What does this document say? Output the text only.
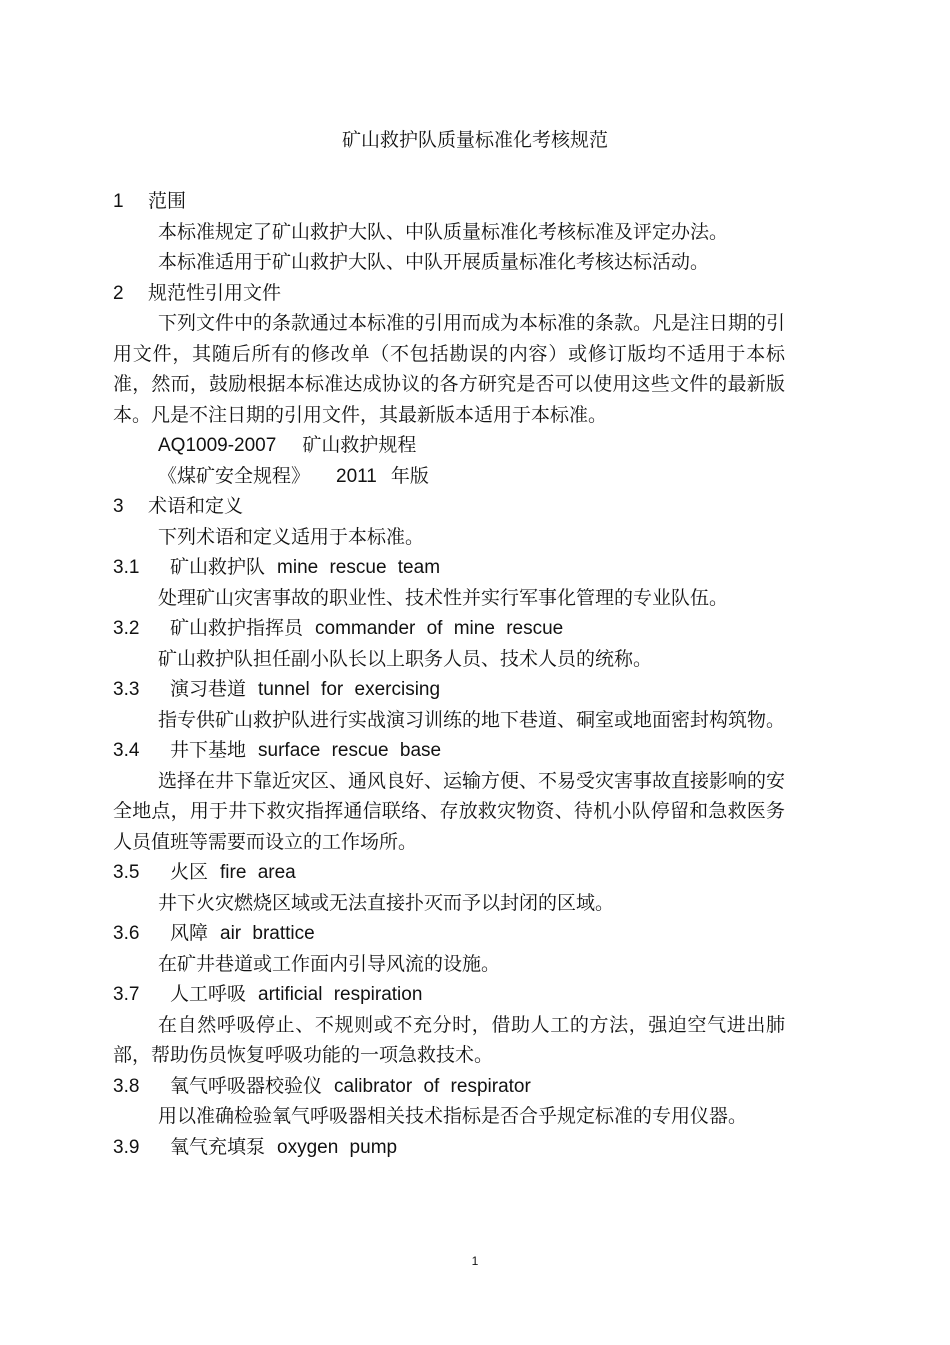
矿山救护队质量标准化考核规范
1 范围
本标准规定了矿山救护大队、中队质量标准化考核标准及评定办法。
本标准适用于矿山救护大队、中队开展质量标准化考核达标活动。
2 规范性引用文件
下列文件中的条款通过本标准的引用而成为本标准的条款。凡是注日期的引用文件，其随后所有的修改单（不包括勘误的内容）或修订版均不适用于本标准，然而，鼓励根据本标准达成协议的各方研究是否可以使用这些文件的最新版本。凡是不注日期的引用文件，其最新版本适用于本标准。
AQ1009-2007 矿山救护规程
《煤矿安全规程》 2011 年版
3 术语和定义
下列术语和定义适用于本标准。
3.1 矿山救护队 mine rescue team
处理矿山灾害事故的职业性、技术性并实行军事化管理的专业队伍。
3.2 矿山救护指挥员 commander of mine rescue
矿山救护队担任副小队长以上职务人员、技术人员的统称。
3.3 演习巷道 tunnel for exercising
指专供矿山救护队进行实战演习训练的地下巷道、硐室或地面密封构筑物。
3.4 井下基地 surface rescue base
选择在井下靠近灾区、通风良好、运输方便、不易受灾害事故直接影响的安全地点，用于井下救灾指挥通信联络、存放救灾物资、待机小队停留和急救医务人员值班等需要而设立的工作场所。
3.5 火区 fire area
井下火灾燃烧区域或无法直接扑灭而予以封闭的区域。
3.6 风障 air brattice
在矿井巷道或工作面内引导风流的设施。
3.7 人工呼吸 artificial respiration
在自然呼吸停止、不规则或不充分时，借助人工的方法，强迫空气进出肺部，帮助伤员恢复呼吸功能的一项急救技术。
3.8 氧气呼吸器校验仪 calibrator of respirator
用以准确检验氧气呼吸器相关技术指标是否合乎规定标准的专用仪器。
3.9 氧气充填泵 oxygen pump
1
